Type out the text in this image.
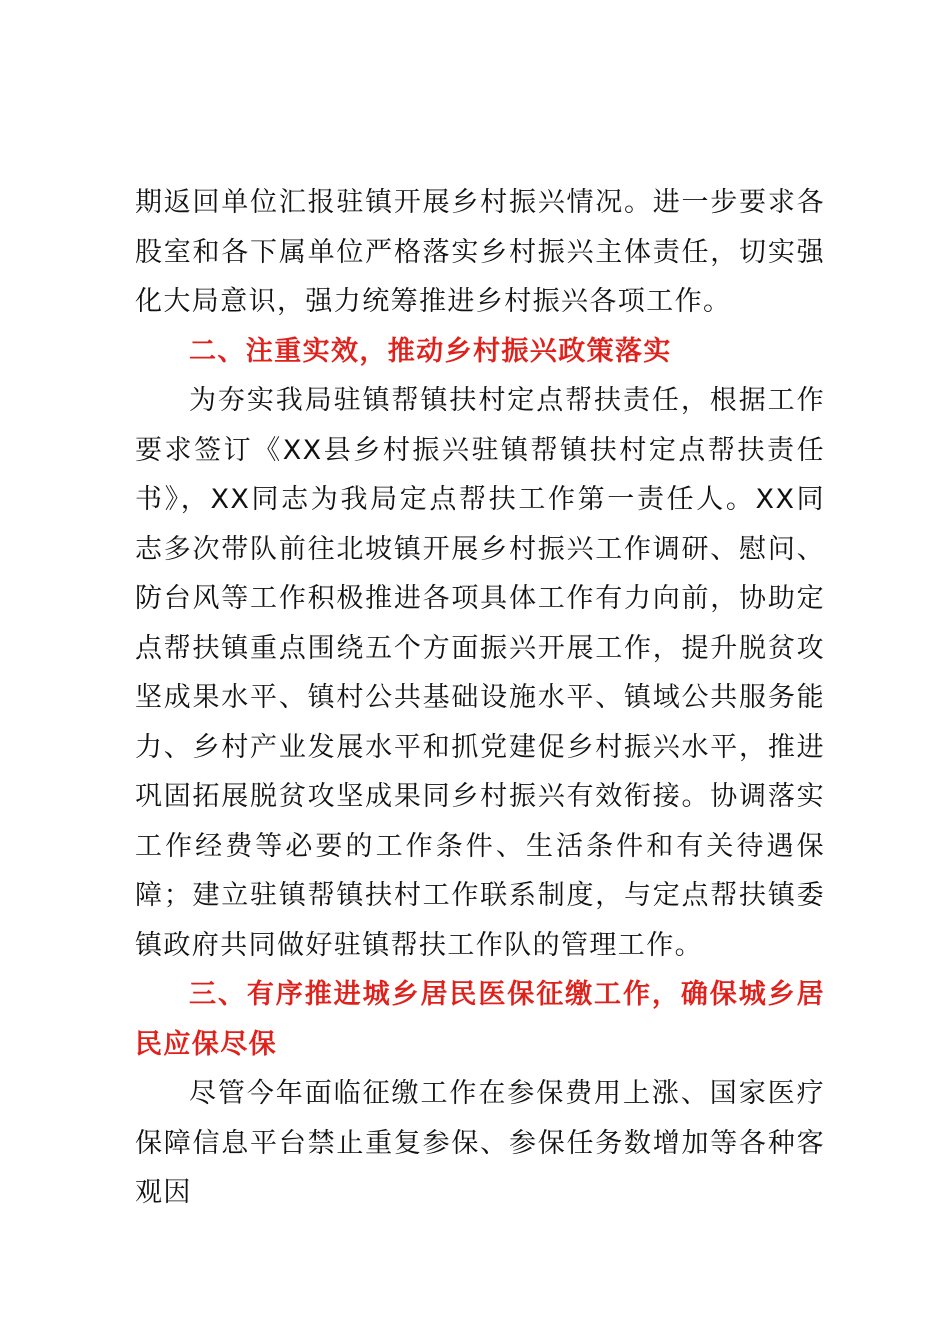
期返回单位汇报驻镇开展乡村振兴情况。进一步要求各股室和各下属单位严格落实乡村振兴主体责任，切实强化大局意识，强力统筹推进乡村振兴各项工作。

二、注重实效，推动乡村振兴政策落实

为夯实我局驻镇帮镇扶村定点帮扶责任，根据工作要求签订《XX县乡村振兴驻镇帮镇扶村定点帮扶责任书》，XX同志为我局定点帮扶工作第一责任人。XX同志多次带队前往北坡镇开展乡村振兴工作调研、慰问、防台风等工作积极推进各项具体工作有力向前，协助定点帮扶镇重点围绕五个方面振兴开展工作，提升脱贫攻坚成果水平、镇村公共基础设施水平、镇域公共服务能力、乡村产业发展水平和抓党建促乡村振兴水平，推进巩固拓展脱贫攻坚成果同乡村振兴有效衔接。协调落实工作经费等必要的工作条件、生活条件和有关待遇保障；建立驻镇帮镇扶村工作联系制度，与定点帮扶镇委镇政府共同做好驻镇帮扶工作队的管理工作。

三、有序推进城乡居民医保征缴工作，确保城乡居民应保尽保

尽管今年面临征缴工作在参保费用上涨、国家医疗保障信息平台禁止重复参保、参保任务数增加等各种客观因
